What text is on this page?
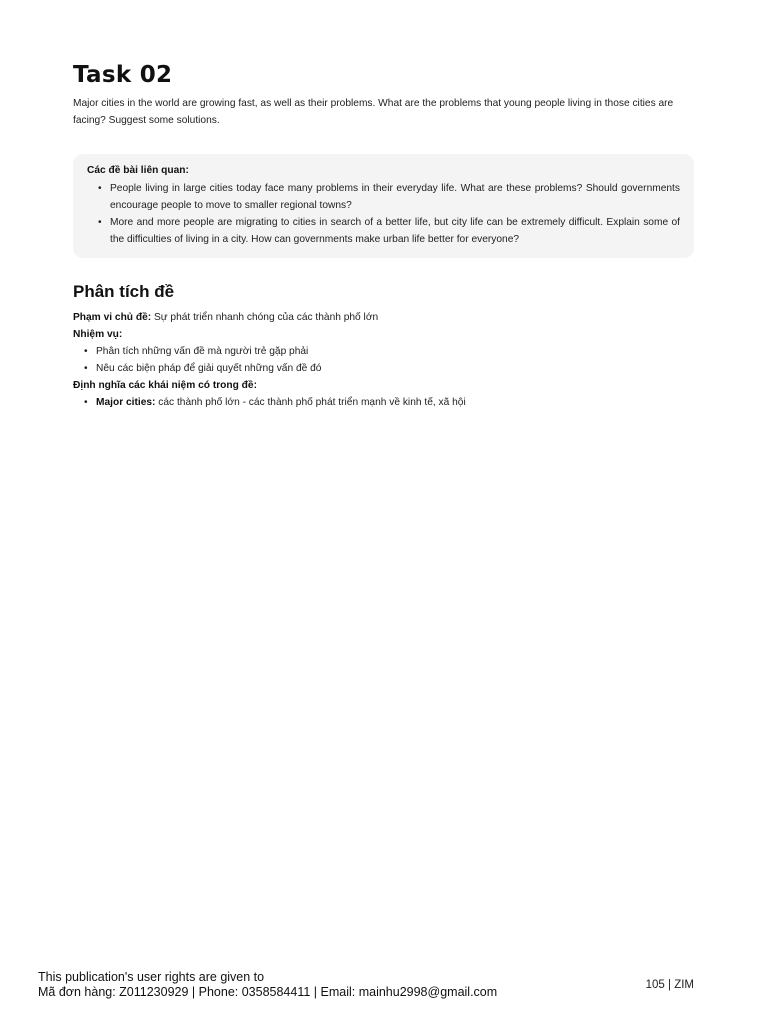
Task 02

Major cities in the world are growing fast, as well as their problems. What are the problems that young people living in those cities are facing? Suggest some solutions.

Các đề bài liên quan:

• People living in large cities today face many problems in their everyday life. What are these problems? Should governments encourage people to move to smaller regional towns?
• More and more people are migrating to cities in search of a better life, but city life can be extremely difficult. Explain some of the difficulties of living in a city. How can governments make urban life better for everyone?
Phân tích đề

Phạm vi chủ đề: Sự phát triển nhanh chóng của các thành phố lớn

Nhiệm vụ:

• Phân tích những vấn đề mà người trẻ gặp phải
• Nêu các biện pháp để giải quyết những vấn đề đó

Định nghĩa các khái niệm có trong đề:

• Major cities: các thành phố lớn - các thành phố phát triển mạnh về kinh tế, xã hội

This publication's user rights are given to

Mã đơn hàng: Z011230929 | Phone: 0358584411 | Email: mainhu2998@gmail.com	105 | ZIM
